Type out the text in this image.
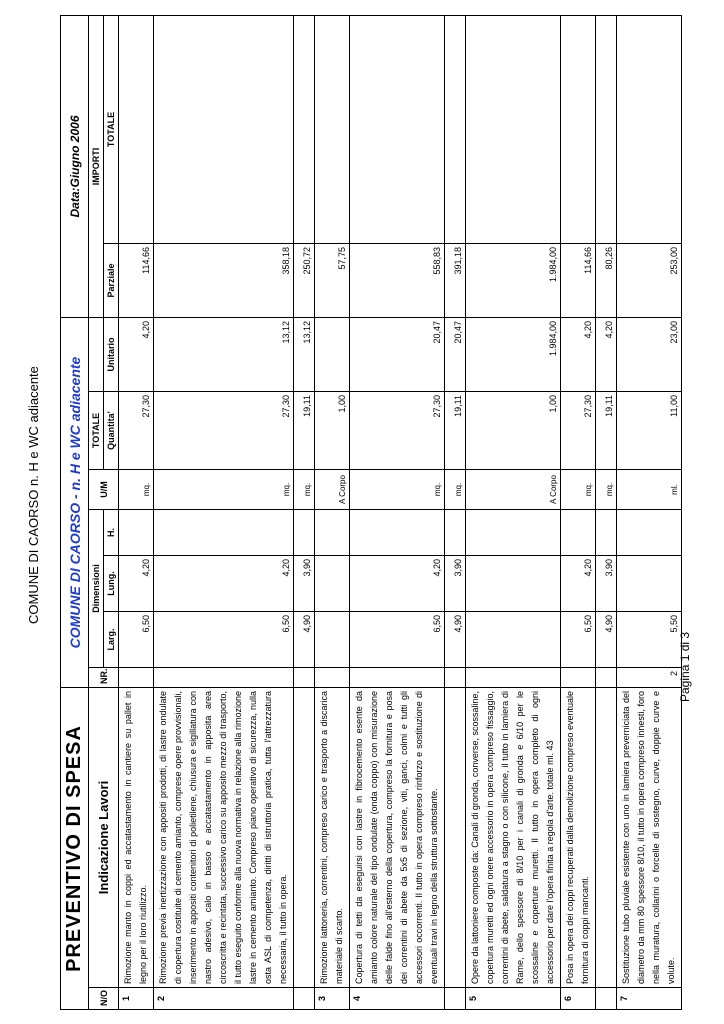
COMUNE DI CAORSO n. H e WC adiacente
PREVENTIVO DI SPESA		COMUNE DI CAORSO - n. H e WC adiacente							Data:Giugno 2006	
N/O	Indicazione Lavori	NR.	Dimensioni			U/M	TOTALE		IMPORTI	
			Larg.	Lung.	H.		Quantita'		Parziale	TOTALE
								Unitario		
1	Rimozione manto in coppi ed accatastamento in cantiere su pallet in legno per il loro riutilizzo.		6,50	4,20		mq.	27,30	4,20	114,66	
2	Rimozione previa inertizzazione con appositi prodotti, di lastre ondulate di copertura costituite di cemento amianto, comprese opere provvisionali, inserimento in appositi contenitori di polietilene, chiusura e sigillatura con nastro adesivo, calo in basso e accatastamento in apposita area circoscritta e recintata, successivo carico su apposito mezzo di trasporto, il tutto eseguito conforme alla nuova normativa in relazione alla rimozione lastre in cemento amianto. Compreso piano operativo di sicurezza, nulla osta ASL di competenza, diritti di istruttoria pratica, tutta l'attrezzatura necessaria, il tutto in opera.		6,50	4,20		mq.	27,30	13,12	358,18	
			4,90	3,90		mq.	19,11	13,12	250,72	
3	Rimozione lattoneria, correntini, compreso carico e trasporto a discarica materiale di scarto.					A Corpo	1,00		57,75	
4	Copertura di tetti da eseguirsi con lastre in fibrocemento esente da amianto colore naturale del tipo ondulate (onda coppo) con misurazione delle falde fino all'esterno della copertura, compreso la fornitura e posa dei correntini di abete da 5x5 di sezione, viti, ganci, colmi e tutti gli accessori occorrenti. Il tutto in opera compreso rinforzo e sostituzione di eventuali travi in legno della struttura sottostante.		6,50	4,20		mq.	27,30	20,47	558,83	
			4,90	3,90		mq.	19,11	20,47	391,18	
5	Opere da lattoniere composte da: Canali di gronda, converse, scossaline, copertura muretti ed ogni onere accessorio in opera compreso fissaggio, correntini di abete, saldatura a stagno o con silicone, il tutto in lamiera di Rame, dello spessore di 8/10 per i canali di gronda e 6/10 per le scossaline e coperture muretti. Il tutto in opera completo di ogni accessorio per dare l'opera finita a regola d'arte. totale ml. 43					A Corpo	1,00	1.984,00	1.984,00	
6	Posa in opera dei coppi recuperati dalla demolizione compreso eventuale fornitura di coppi mancanti.		6,50	4,20		mq.	27,30	4,20	114,66	
			4,90	3,90		mq.	19,11	4,20	80,26	
7	Sostituzione tubo pluviale esistente con uno in lamiera preverniciata del diametro da mm 80 spessore 8/10, il tutto in opera compreso innesti, foro nella muratura, collarini o forcelle di sostegno, curve, doppie curve e volute.	2	5,50			ml.	11,00	23,00	253,00	
Pagina 1 di 3
